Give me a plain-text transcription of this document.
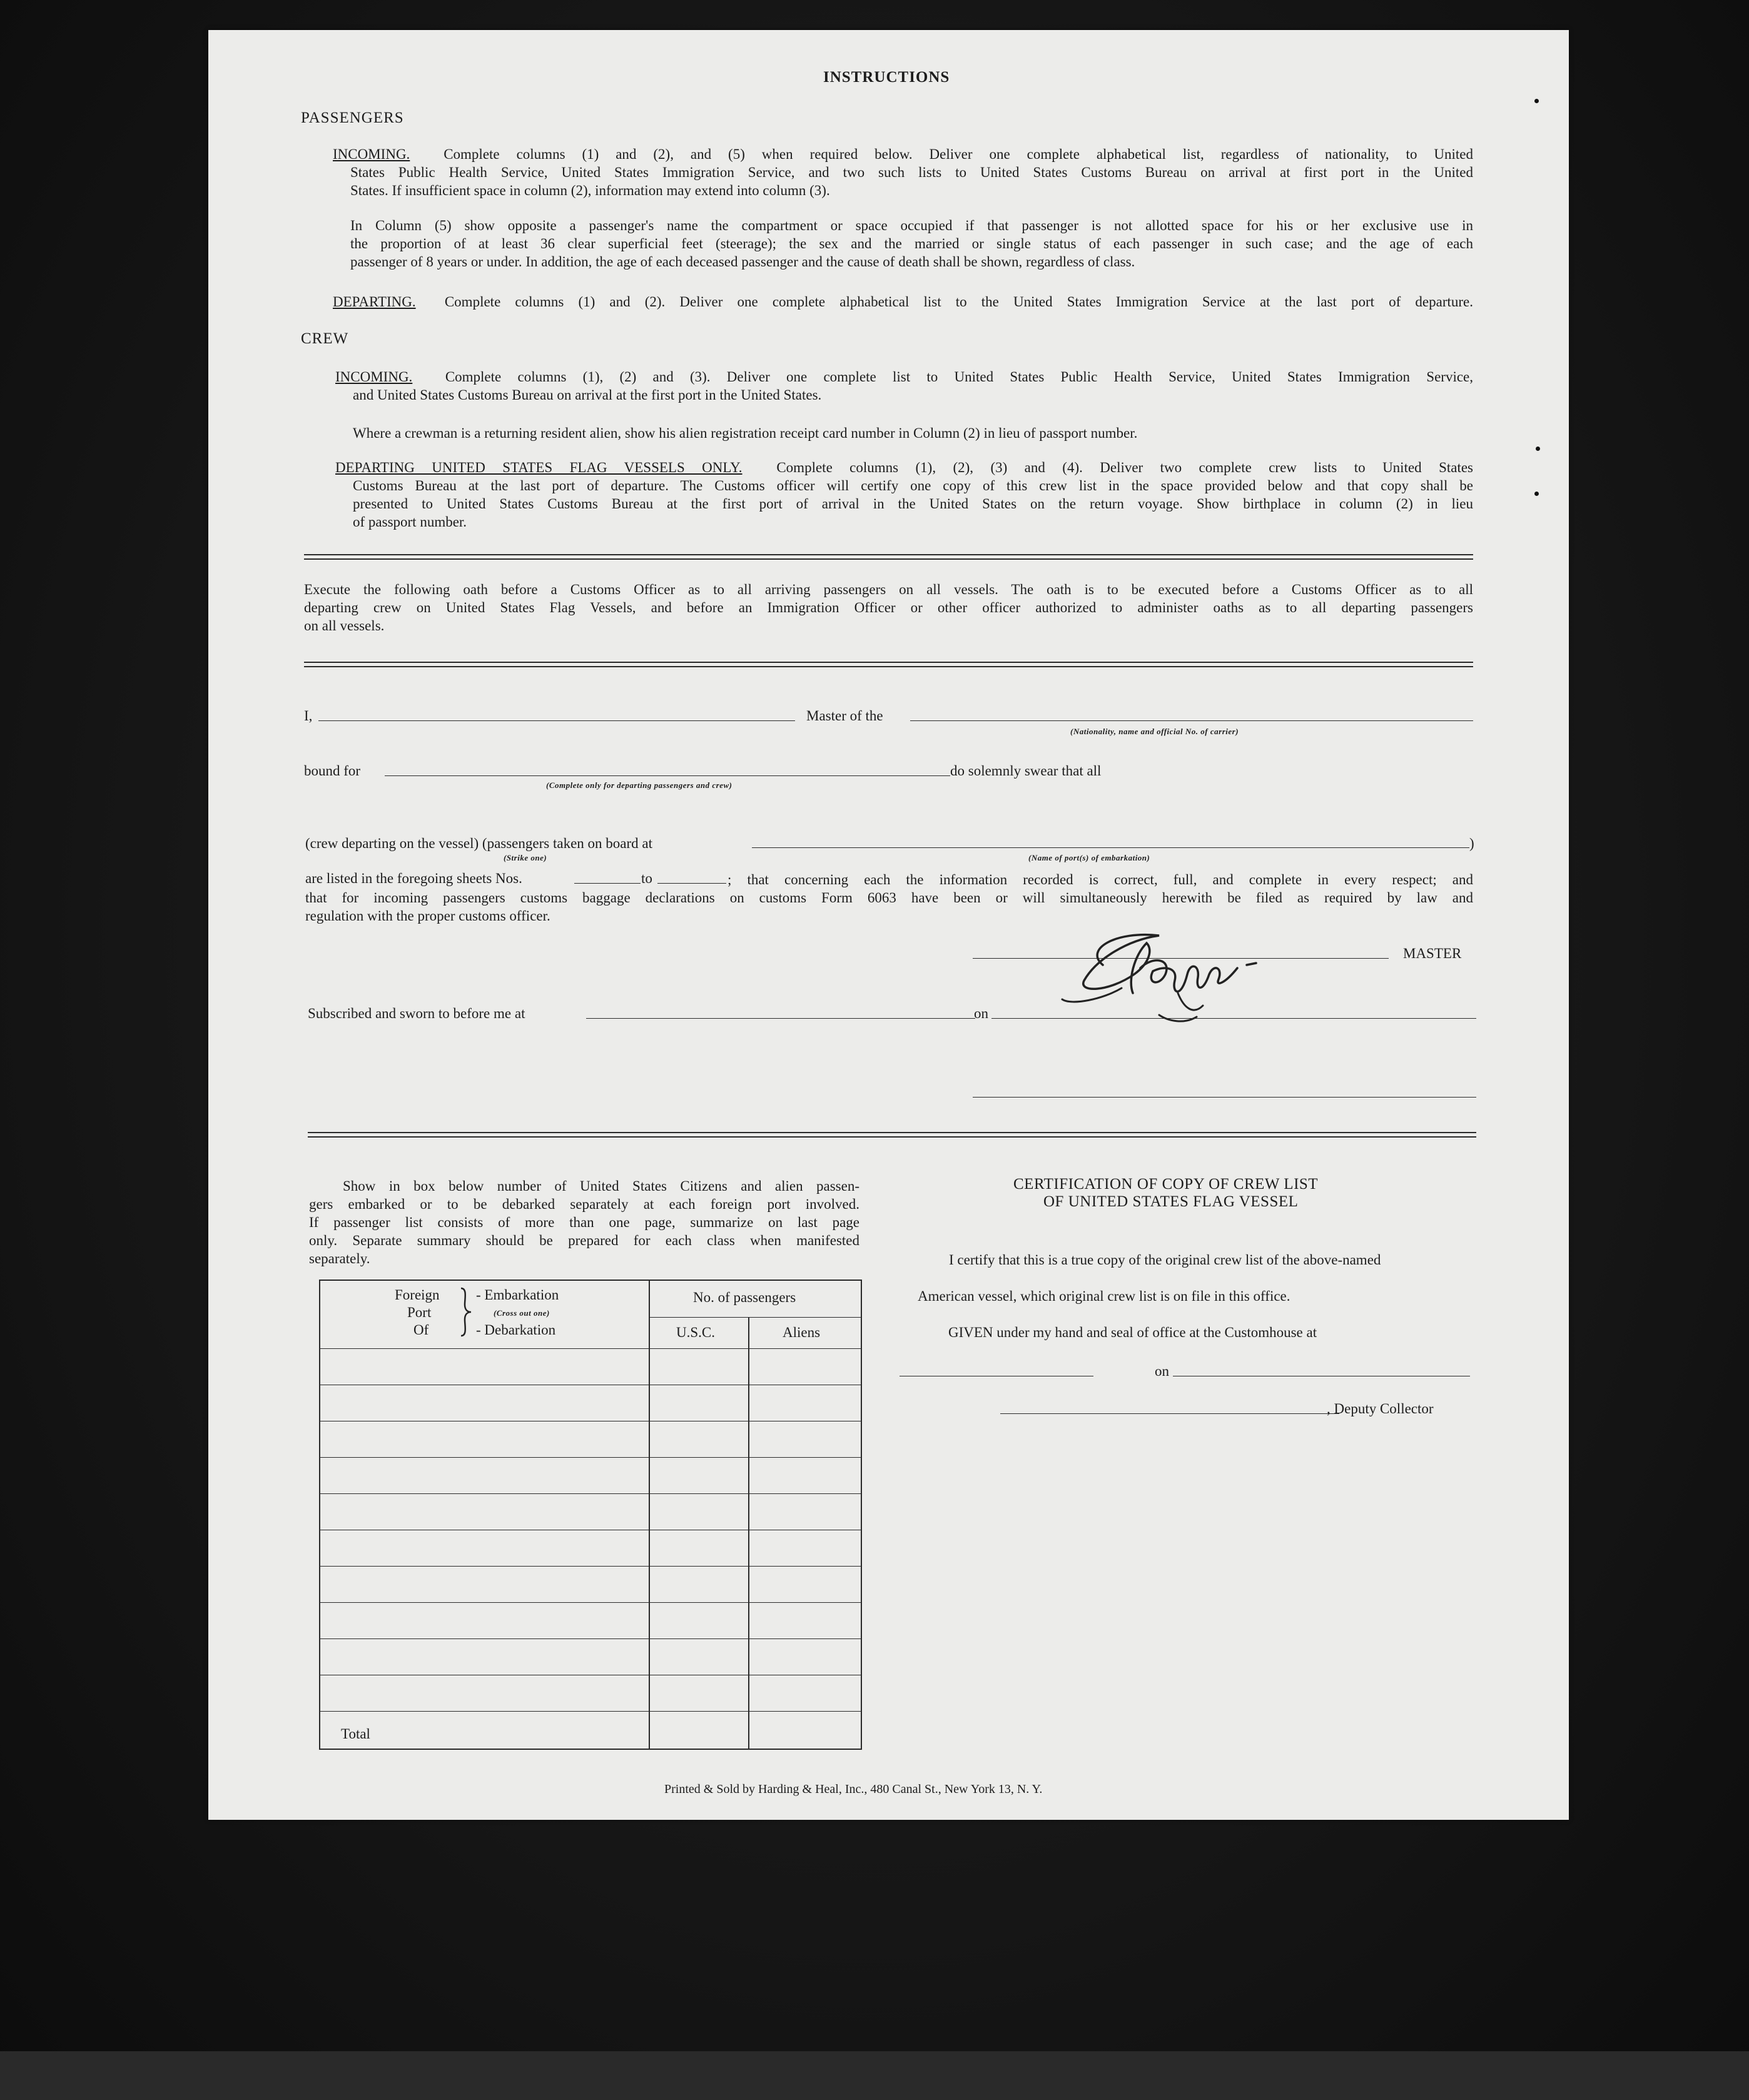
INSTRUCTIONS
PASSENGERS
INCOMING. Complete columns (1) and (2), and (5) when required below. Deliver one complete alphabetical list, regardless of nationality, to United
States Public Health Service, United States Immigration Service, and two such lists to United States Customs Bureau on arrival at first port in the United
States. If insufficient space in column (2), information may extend into column (3).
In Column (5) show opposite a passenger's name the compartment or space occupied if that passenger is not allotted space for his or her exclusive use in
the proportion of at least 36 clear superficial feet (steerage); the sex and the married or single status of each passenger in such case; and the age of each
passenger of 8 years or under. In addition, the age of each deceased passenger and the cause of death shall be shown, regardless of class.
DEPARTING. Complete columns (1) and (2). Deliver one complete alphabetical list to the United States Immigration Service at the last port of departure.
CREW
INCOMING. Complete columns (1), (2) and (3). Deliver one complete list to United States Public Health Service, United States Immigration Service,
and United States Customs Bureau on arrival at the first port in the United States.
Where a crewman is a returning resident alien, show his alien registration receipt card number in Column (2) in lieu of passport number.
DEPARTING UNITED STATES FLAG VESSELS ONLY. Complete columns (1), (2), (3) and (4). Deliver two complete crew lists to United States
Customs Bureau at the last port of departure. The Customs officer will certify one copy of this crew list in the space provided below and that copy shall be
presented to United States Customs Bureau at the first port of arrival in the United States on the return voyage. Show birthplace in column (2) in lieu
of passport number.
Execute the following oath before a Customs Officer as to all arriving passengers on all vessels. The oath is to be executed before a Customs Officer as to all
departing crew on United States Flag Vessels, and before an Immigration Officer or other officer authorized to administer oaths as to all departing passengers
on all vessels.
I,	Master of the
(Nationality, name and official No. of carrier)
bound for
(Complete only for departing passengers and crew)
do solemnly swear that all
(crew departing on the vessel) (passengers taken on board at
(Strike one)	(Name of port(s) of embarkation)
)
are listed in the foregoing sheets Nos.	to	; that concerning each the information recorded is correct, full, and complete in every respect; and
that for incoming passengers customs baggage declarations on customs Form 6063 have been or will simultaneously herewith be filed as required by law and
regulation with the proper customs officer.
MASTER
Subscribed and sworn to before me at	on
Show in box below number of United States Citizens and alien passen-
gers embarked or to be debarked separately at each foreign port involved.
If passenger list consists of more than one page, summarize on last page
only. Separate summary should be prepared for each class when manifested
separately.
Foreign
Port
Of
- Embarkation
(Cross out one)
- Debarkation
No. of passengers
U.S.C.	Aliens
Total
CERTIFICATION OF COPY OF CREW LIST
OF UNITED STATES FLAG VESSEL
I certify that this is a true copy of the original crew list of the above-named
American vessel, which original crew list is on file in this office.
GIVEN under my hand and seal of office at the Customhouse at
on
, Deputy Collector
Printed & Sold by Harding & Heal, Inc., 480 Canal St., New York 13, N. Y.
